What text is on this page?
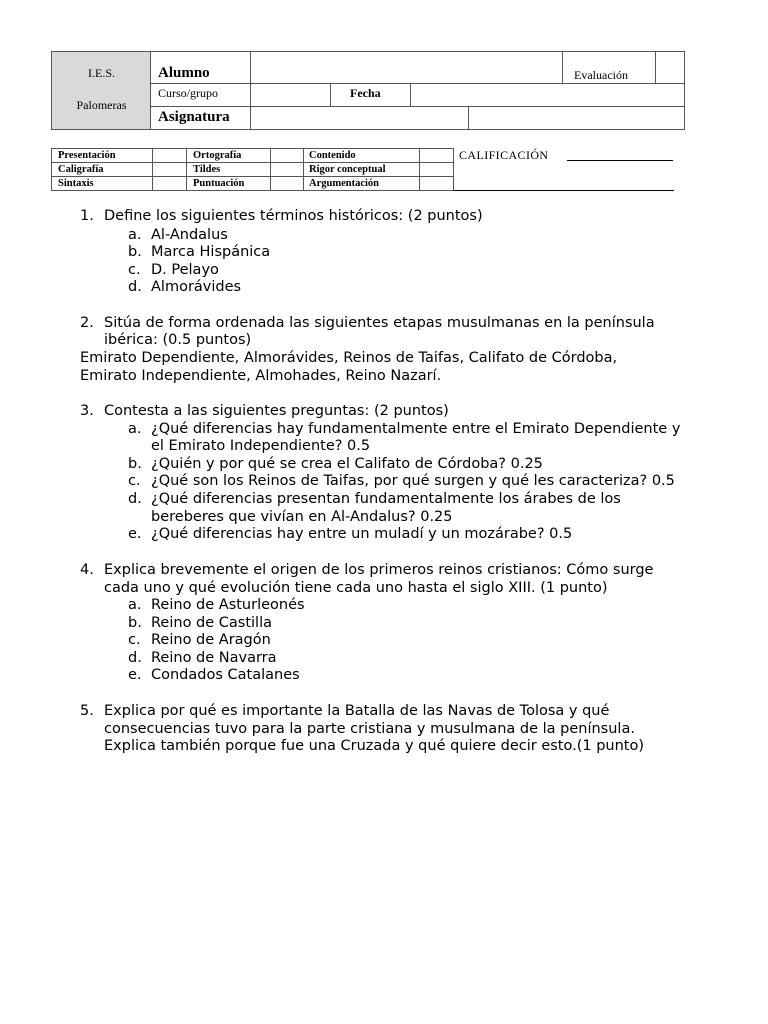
I.E.S.
Palomeras
Alumno	Evaluación
Curso/grupo	Fecha
Asignatura
Presentación
Caligrafía
Sintaxis
Ortografía
Tildes
Puntuación
Contenido
Rigor conceptual
Argumentación
CALIFICACIÓN
1. Define los siguientes términos históricos: (2 puntos)
a. Al-Andalus
b. Marca Hispánica
c. D. Pelayo
d. Almorávides
2. Sitúa de forma ordenada las siguientes etapas musulmanas en la península
ibérica: (0.5 puntos)
Emirato Dependiente, Almorávides, Reinos de Taifas, Califato de Córdoba,
Emirato Independiente, Almohades, Reino Nazarí.
3. Contesta a las siguientes preguntas: (2 puntos)
a. ¿Qué diferencias hay fundamentalmente entre el Emirato Dependiente y
el Emirato Independiente? 0.5
b. ¿Quién y por qué se crea el Califato de Córdoba? 0.25
c. ¿Qué son los Reinos de Taifas, por qué surgen y qué les caracteriza? 0.5
d. ¿Qué diferencias presentan fundamentalmente los árabes de los
bereberes que vivían en Al-Andalus? 0.25
e. ¿Qué diferencias hay entre un muladí y un mozárabe? 0.5
4. Explica brevemente el origen de los primeros reinos cristianos: Cómo surge
cada uno y qué evolución tiene cada uno hasta el siglo XIII. (1 punto)
a. Reino de Asturleonés
b. Reino de Castilla
c. Reino de Aragón
d. Reino de Navarra
e. Condados Catalanes
5. Explica por qué es importante la Batalla de las Navas de Tolosa y qué
consecuencias tuvo para la parte cristiana y musulmana de la península.
Explica también porque fue una Cruzada y qué quiere decir esto.(1 punto)
